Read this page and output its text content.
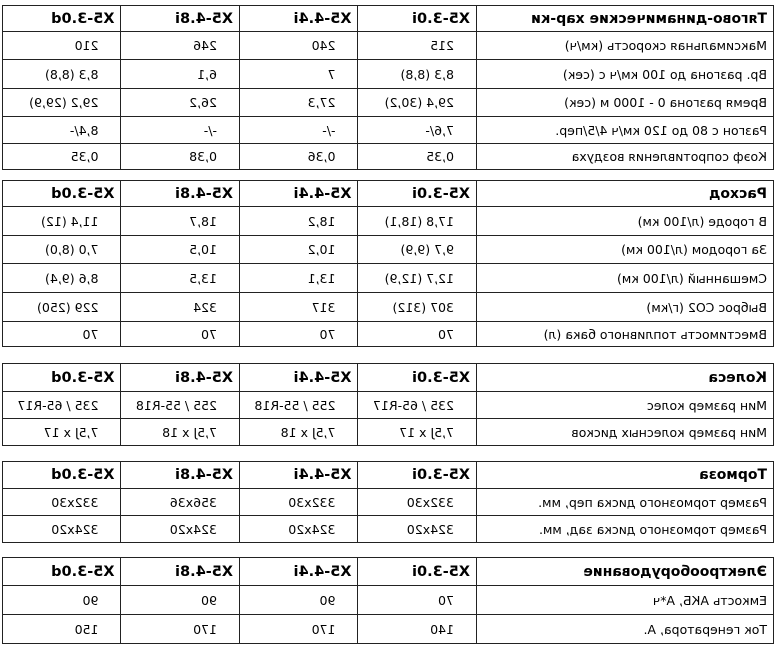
Тягово-динамические хар-ки	X5-3.0i	X5-4.4i	X5-4.8i	X5-3.0d
Максимальная скорость (км/ч)	215	240	246	210
Вр. разгона до 100 км/ч с (сек)	8,3 (8,8)	7	6,1	8,3 (8,8)
Время разгона 0 - 1000 м (сек)	29,4 (30,2)	27,3	26,2	29,2 (29,9)
Разгон с 80 до 120 км/ч 4/5/пер.	7,6/-	-/-	-/-	8,4/-
Коэф сопротивления воздуха	0,35	0,36	0,38	0,35
Расход	X5-3.0i	X5-4.4i	X5-4.8i	X5-3.0d
В городе (л/100 км)	17,8 (18,1)	18,2	18,7	11,4 (12)
За городом (л/100 км)	9,7 (9,9)	10,2	10,5	7,0 (8,0)
Смешанный (л/100 км)	12,7 (12,9)	13,1	13,5	8,6 (9,4)
Выброс CO2 (г/км)	307 (312)	317	324	229 (250)
Вместимость топливного бака (л)	70	70	70	70
Колеса	X5-3.0i	X5-4.4i	X5-4.8i	X5-3.0d
Мин размер колес	235 / 65-R17	255 / 55-R18	255 / 55-R18	235 / 65-R17
Мин размер колесных дисков	7,5J x 17	7,5J x 18	7,5J x 18	7,5J x 17
Тормоза	X5-3.0i	X5-4.4i	X5-4.8i	X5-3.0d
Размер тормозного диска пер, мм.	332x30	332x30	356x36	332x30
Размер тормозного диска зад, мм.	324x20	324x20	324x20	324x20
Электрооборудование	X5-3.0i	X5-4.4i	X5-4.8i	X5-3.0d
Емкость АКБ, А*ч	70	90	90	90
Ток генератора, А.	140	170	170	150
